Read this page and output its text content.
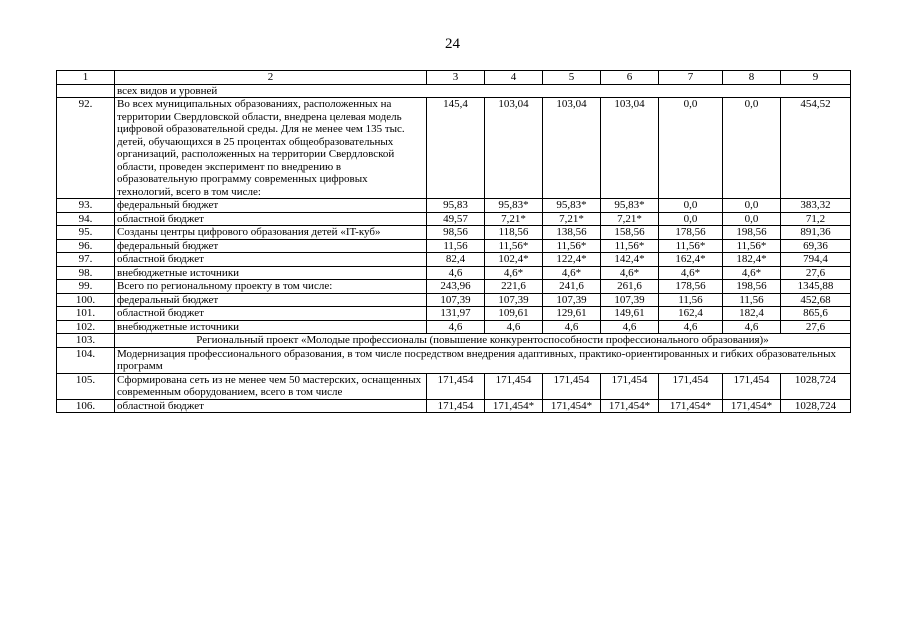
24
1	2	3	4	5	6	7	8	9
	всех видов и уровней							
92.	Во всех муниципальных образованиях, расположенных на территории Свердловской области, внедрена целевая модель цифровой образовательной среды. Для не менее чем 135 тыс. детей, обучающихся в 25 процентах общеобразовательных организаций, расположенных на территории Свердловской области, проведен эксперимент по внедрению в образовательную программу современных цифровых технологий, всего в том числе:	145,4	103,04	103,04	103,04	0,0	0,0	454,52
93.	федеральный бюджет	95,83	95,83*	95,83*	95,83*	0,0	0,0	383,32
94.	областной бюджет	49,57	7,21*	7,21*	7,21*	0,0	0,0	71,2
95.	Созданы центры цифрового образования детей «IT-куб»	98,56	118,56	138,56	158,56	178,56	198,56	891,36
96.	федеральный бюджет	11,56	11,56*	11,56*	11,56*	11,56*	11,56*	69,36
97.	областной бюджет	82,4	102,4*	122,4*	142,4*	162,4*	182,4*	794,4
98.	внебюджетные источники	4,6	4,6*	4,6*	4,6*	4,6*	4,6*	27,6
99.	Всего по региональному проекту в том числе:	243,96	221,6	241,6	261,6	178,56	198,56	1345,88
100.	федеральный бюджет	107,39	107,39	107,39	107,39	11,56	11,56	452,68
101.	областной бюджет	131,97	109,61	129,61	149,61	162,4	182,4	865,6
102.	внебюджетные источники	4,6	4,6	4,6	4,6	4,6	4,6	27,6
103.	Региональный проект «Молодые профессионалы (повышение конкурентоспособности профессионального образования)»							
104.	Модернизация профессионального образования, в том числе посредством внедрения адаптивных, практико-ориентированных и гибких образовательных программ							
105.	Сформирована сеть из не менее чем 50 мастерских, оснащенных современным оборудованием, всего в том числе	171,454	171,454	171,454	171,454	171,454	171,454	1028,724
106.	областной бюджет	171,454	171,454*	171,454*	171,454*	171,454*	171,454*	1028,724
